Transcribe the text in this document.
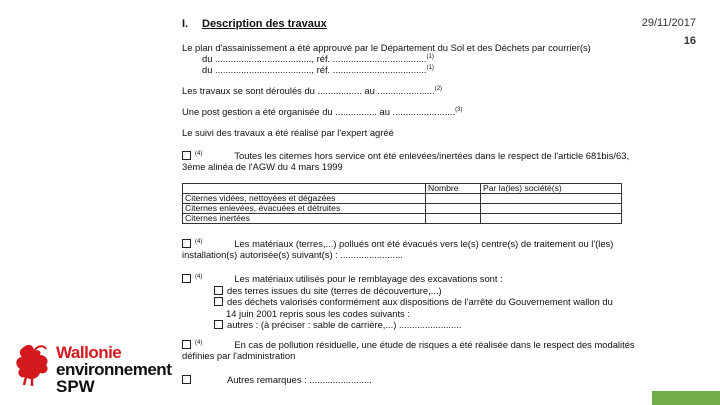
29/11/2017
16
I. Description des travaux
Le plan d'assainissement a été approuvé par le Département du Sol et des Déchets par courrier(s)
du ....................................., réf. ....................................$^{(1)}$
du ....................................., réf. ....................................$^{(1)}$
Les travaux se sont déroulés du ................. au ......................$^{(2)}$
Une post gestion a été organisée du ................ au ........................$^{(3)}$
Le suivi des travaux a été réalisé par l'expert agréé
$^{(4)}$	Toutes les citernes hors service ont été enlevées/inertées dans le respect de l'article 681bis/63,
3ème alinéa de l'AGW du 4 mars 1999
	Nombre	Par la(les) société(s)
Citernes vidées, nettoyées et dégazées		
Citernes enlevées, évacuées et détruites		
Citernes inertées		
$^{(4)}$	Les matériaux (terres,...) pollués ont été évacués vers le(s) centre(s) de traitement ou l'(les)
installation(s) autorisée(s) suivant(s) : ........................
$^{(4)}$	Les matériaux utilisés pour le remblayage des excavations sont :
des terres issues du site (terres de découverture,...)
des déchets valorisés conformément aux dispositions de l'arrêté du Gouvernement wallon du
14 juin 2001 repris sous les codes suivants :
autres : (à préciser : sable de carrière,...) ........................
$^{(4)}$	En cas de pollution résiduelle, une étude de risques a été réalisée dans le respect des modalités
définies par l'administration
Autres remarques : ........................
Wallonie
environnement
SPW
